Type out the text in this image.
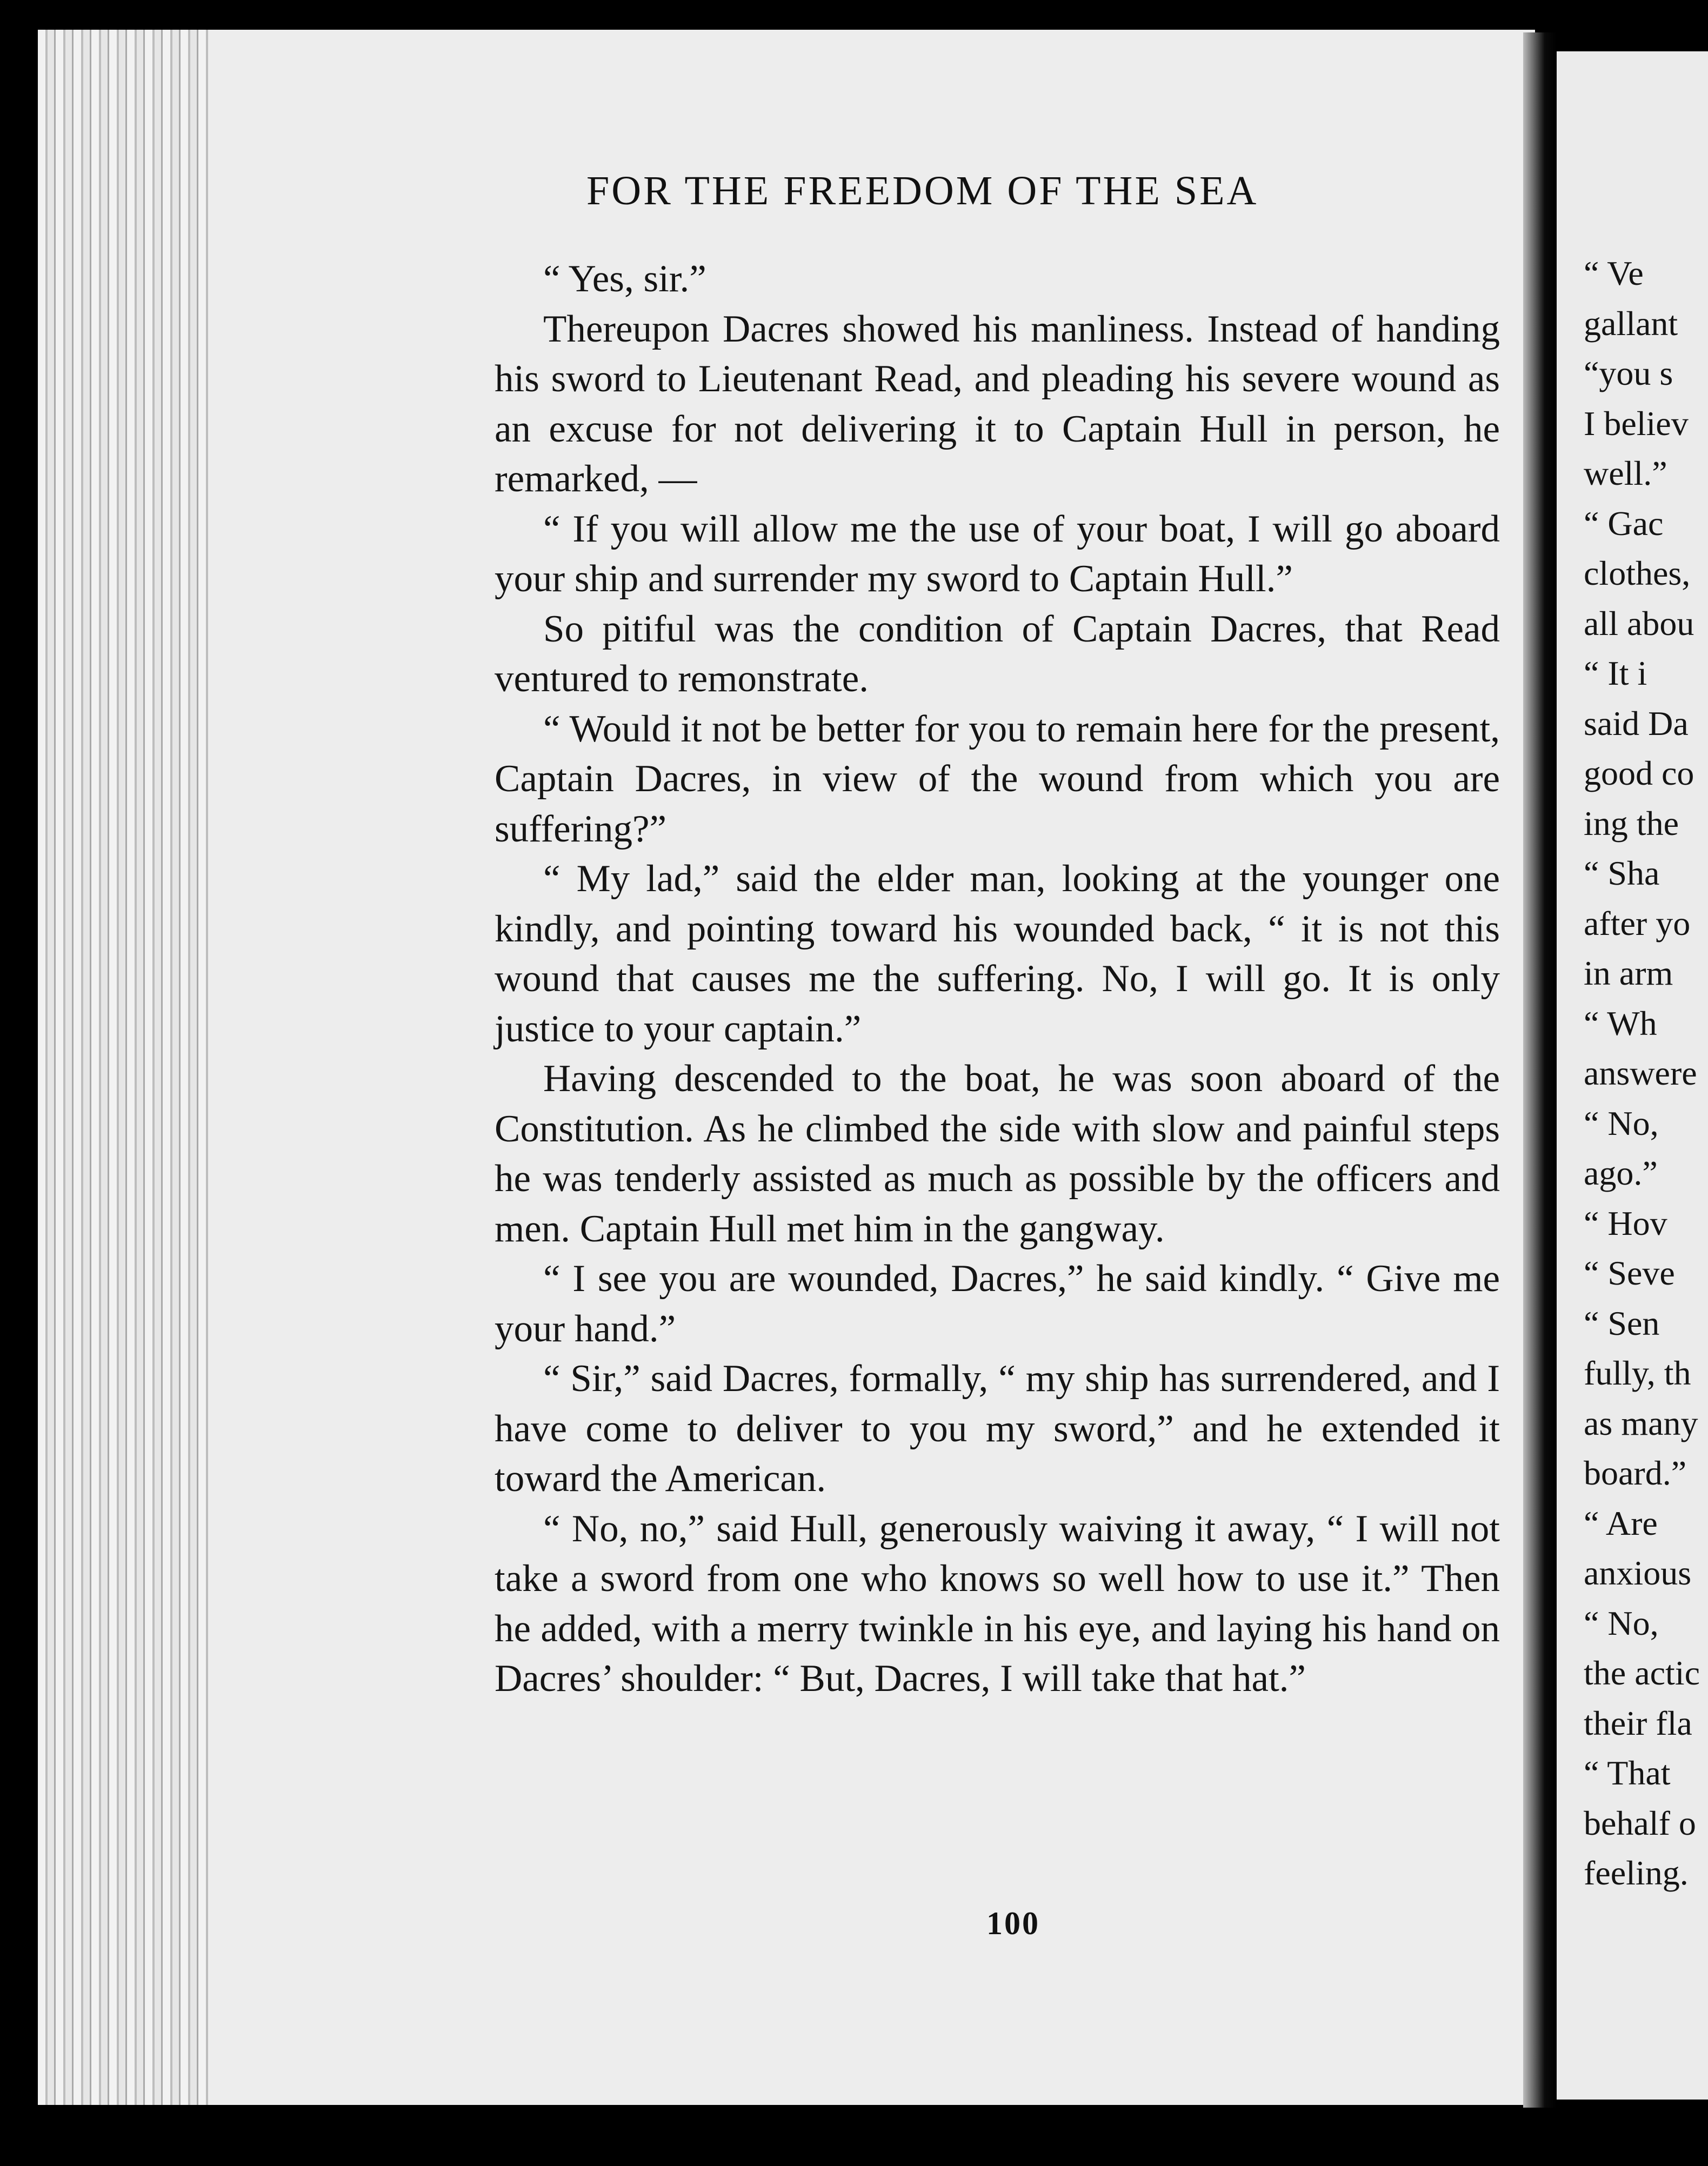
FOR THE FREEDOM OF THE SEA

“ Yes, sir.”

Thereupon Dacres showed his manliness. Instead of handing his sword to Lieutenant Read, and pleading his severe wound as an excuse for not delivering it to Captain Hull in person, he remarked, —

“ If you will allow me the use of your boat, I will go aboard your ship and surrender my sword to Captain Hull.”

So pitiful was the condition of Captain Dacres, that Read ventured to remonstrate.

“ Would it not be better for you to remain here for the present, Captain Dacres, in view of the wound from which you are suffering?”

“ My lad,” said the elder man, looking at the younger one kindly, and pointing toward his wounded back, “ it is not this wound that causes me the suffering. No, I will go. It is only justice to your captain.”

Having descended to the boat, he was soon aboard of the Constitution. As he climbed the side with slow and painful steps he was tenderly assisted as much as possible by the officers and men. Captain Hull met him in the gangway.

“ I see you are wounded, Dacres,” he said kindly. “ Give me your hand.”

“ Sir,” said Dacres, formally, “ my ship has surrendered, and I have come to deliver to you my sword,” and he extended it toward the American.

“ No, no,” said Hull, generously waiving it away, “ I will not take a sword from one who knows so well how to use it.” Then he added, with a merry twinkle in his eye, and laying his hand on Dacres’ shoulder: “ But, Dacres, I will take that hat.”

100
“ Ve
gallant
“you s
I believ
well.”
“ Gac
clothes,
all abou
“ It i
said Da
good co
ing the
“ Sha
after yo
in arm
“ Wh
answere
“ No,
ago.”
“ Hov
“ Seve
“ Sen
fully, th
as many
board.”
“ Are
anxious
“ No,
the actic
their fla
“ That
behalf o
feeling.
